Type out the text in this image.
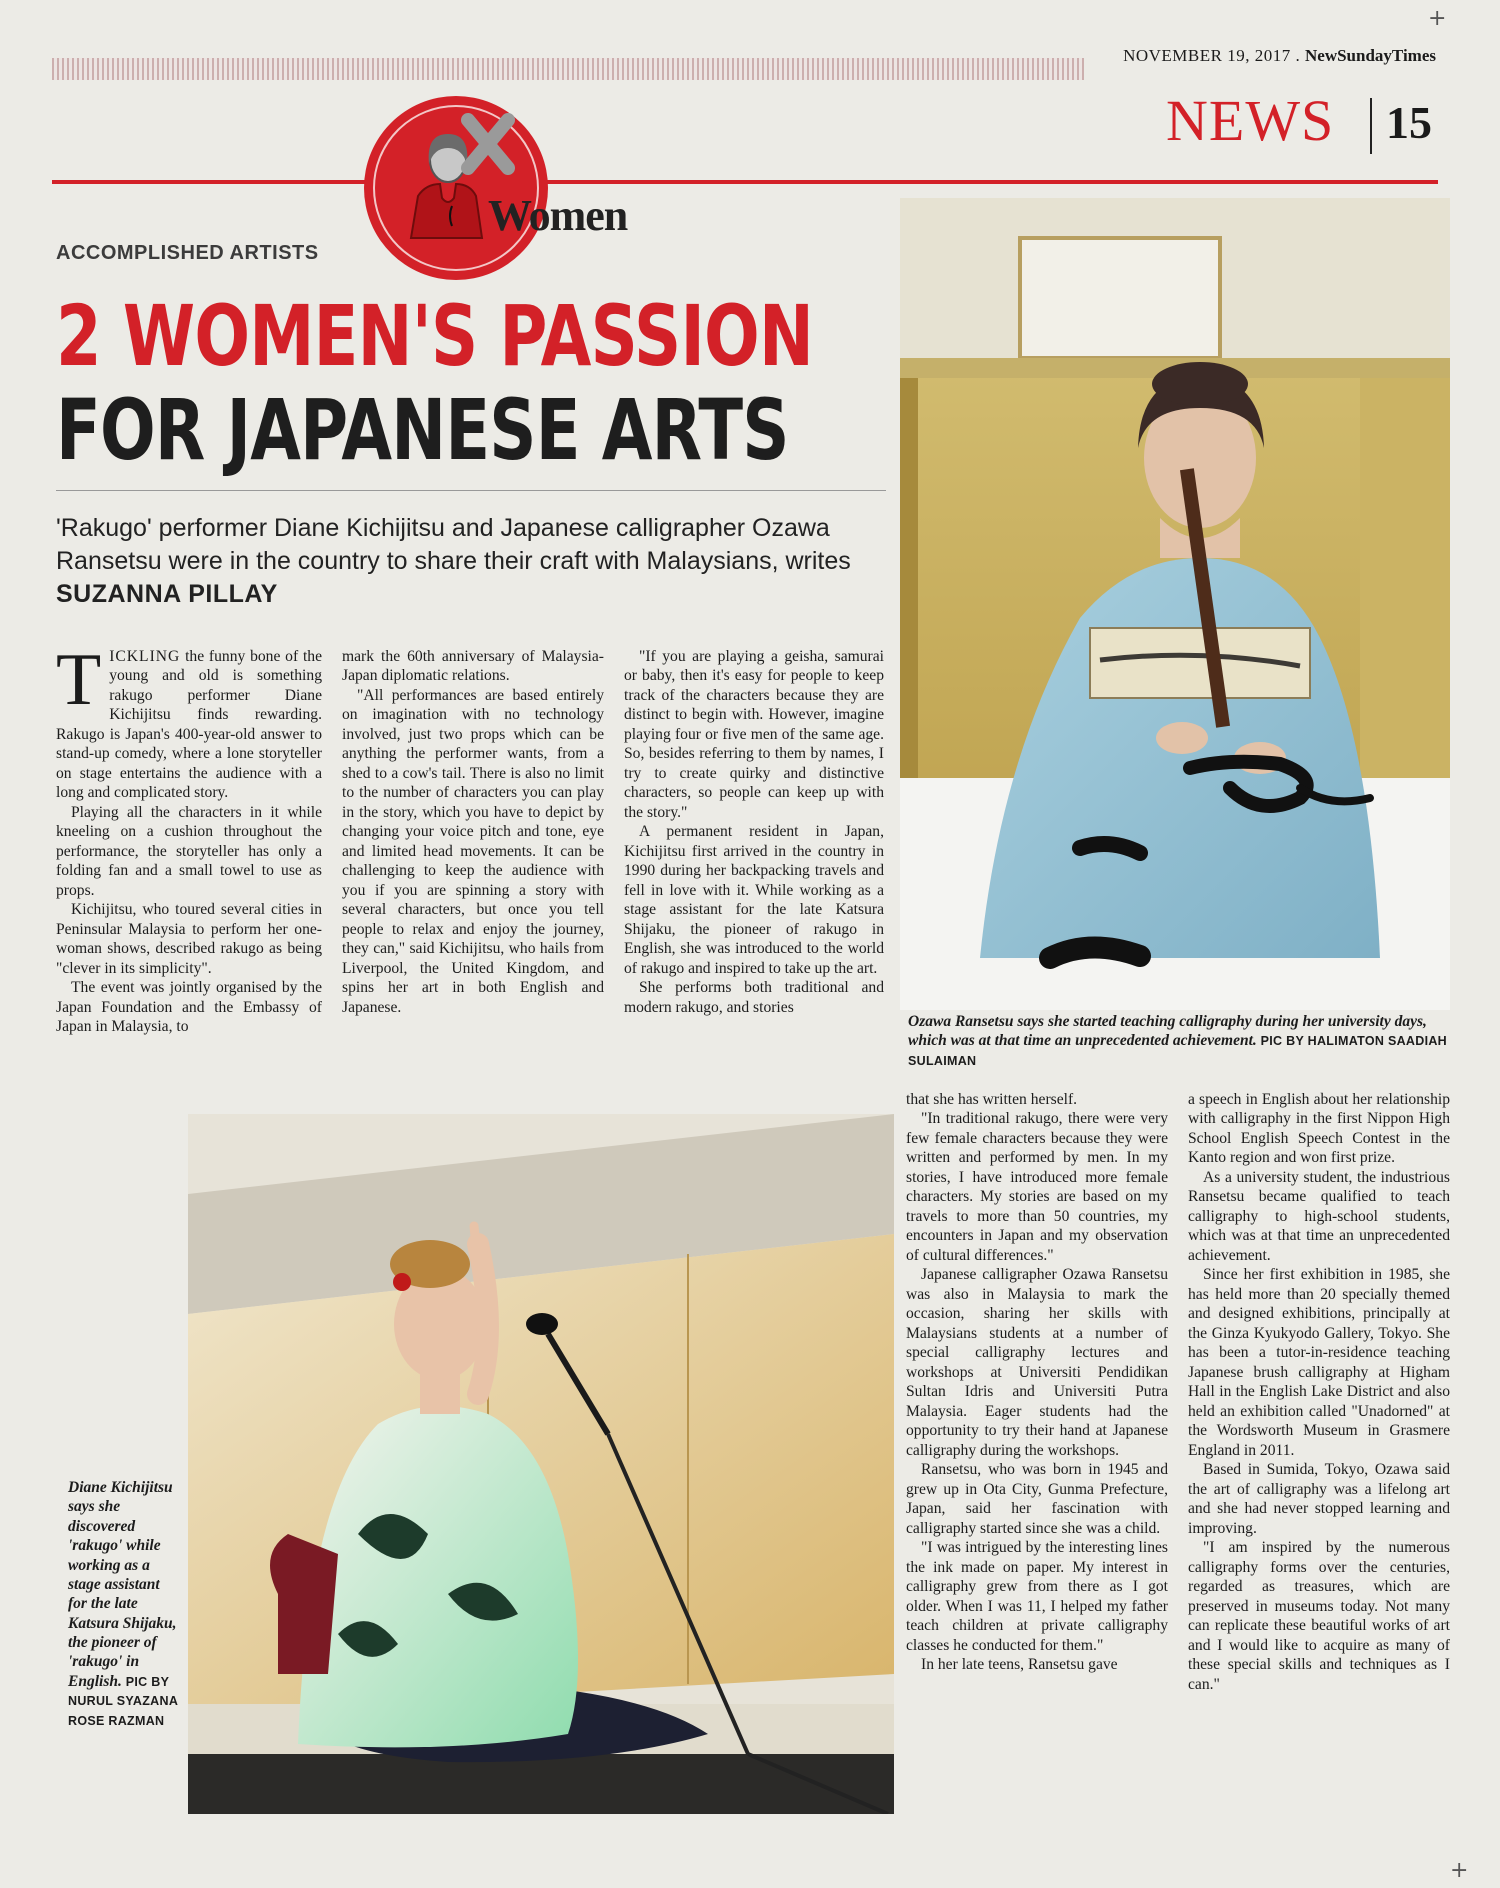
NOVEMBER 19, 2017 . NewSundayTimes
NEWS 15
Women
ACCOMPLISHED ARTISTS
2 WOMEN'S PASSION
FOR JAPANESE ARTS
'Rakugo' performer Diane Kichijitsu and Japanese calligrapher Ozawa Ransetsu were in the country to share their craft with Malaysians, writes SUZANNA PILLAY

TICKLING the funny bone of the young and old is something rakugo performer Diane Kichijitsu finds rewarding. Rakugo is Japan's 400-year-old answer to stand-up comedy, where a lone storyteller on stage entertains the audience with a long and complicated story.

Playing all the characters in it while kneeling on a cushion throughout the performance, the storyteller has only a folding fan and a small towel to use as props.

Kichijitsu, who toured several cities in Peninsular Malaysia to perform her one-woman shows, described rakugo as being "clever in its simplicity".

The event was jointly organised by the Japan Foundation and the Embassy of Japan in Malaysia, to

mark the 60th anniversary of Malaysia-Japan diplomatic relations.

"All performances are based entirely on imagination with no technology involved, just two props which can be anything the performer wants, from a shed to a cow's tail. There is also no limit to the number of characters you can play in the story, which you have to depict by changing your voice pitch and tone, eye and limited head movements. It can be challenging to keep the audience with you if you are spinning a story with several characters, but once you tell people to relax and enjoy the journey, they can," said Kichijitsu, who hails from Liverpool, the United Kingdom, and spins her art in both English and Japanese.

"If you are playing a geisha, samurai or baby, then it's easy for people to keep track of the characters because they are distinct to begin with. However, imagine playing four or five men of the same age. So, besides referring to them by names, I try to create quirky and distinctive characters, so people can keep up with the story."

A permanent resident in Japan, Kichijitsu first arrived in the country in 1990 during her backpacking travels and fell in love with it. While working as a stage assistant for the late Katsura Shijaku, the pioneer of rakugo in English, she was introduced to the world of rakugo and inspired to take up the art.

She performs both traditional and modern rakugo, and stories

Ozawa Ransetsu says she started teaching calligraphy during her university days, which was at that time an unprecedented achievement. PIC BY HALIMATON SAADIAH SULAIMAN
Diane Kichijitsu says she discovered 'rakugo' while working as a stage assistant for the late Katsura Shijaku, the pioneer of 'rakugo' in English. PIC BY NURUL SYAZANA ROSE RAZMAN

that she has written herself.

"In traditional rakugo, there were very few female characters because they were written and performed by men. In my stories, I have introduced more female characters. My stories are based on my travels to more than 50 countries, my encounters in Japan and my observation of cultural differences."

Japanese calligrapher Ozawa Ransetsu was also in Malaysia to mark the occasion, sharing her skills with Malaysians students at a number of special calligraphy lectures and workshops at Universiti Pendidikan Sultan Idris and Universiti Putra Malaysia. Eager students had the opportunity to try their hand at Japanese calligraphy during the workshops.

Ransetsu, who was born in 1945 and grew up in Ota City, Gunma Prefecture, Japan, said her fascination with calligraphy started since she was a child.

"I was intrigued by the interesting lines the ink made on paper. My interest in calligraphy grew from there as I got older. When I was 11, I helped my father teach children at private calligraphy classes he conducted for them."

In her late teens, Ransetsu gave

a speech in English about her relationship with calligraphy in the first Nippon High School English Speech Contest in the Kanto region and won first prize.

As a university student, the industrious Ransetsu became qualified to teach calligraphy to high-school students, which was at that time an unprecedented achievement.

Since her first exhibition in 1985, she has held more than 20 specially themed and designed exhibitions, principally at the Ginza Kyukyodo Gallery, Tokyo. She has been a tutor-in-residence teaching Japanese brush calligraphy at Higham Hall in the English Lake District and also held an exhibition called "Unadorned" at the Wordsworth Museum in Grasmere England in 2011.

Based in Sumida, Tokyo, Ozawa said the art of calligraphy was a lifelong art and she had never stopped learning and improving.

"I am inspired by the numerous calligraphy forms over the centuries, regarded as treasures, which are preserved in museums today. Not many can replicate these beautiful works of art and I would like to acquire as many of these special skills and techniques as I can."

+
+
